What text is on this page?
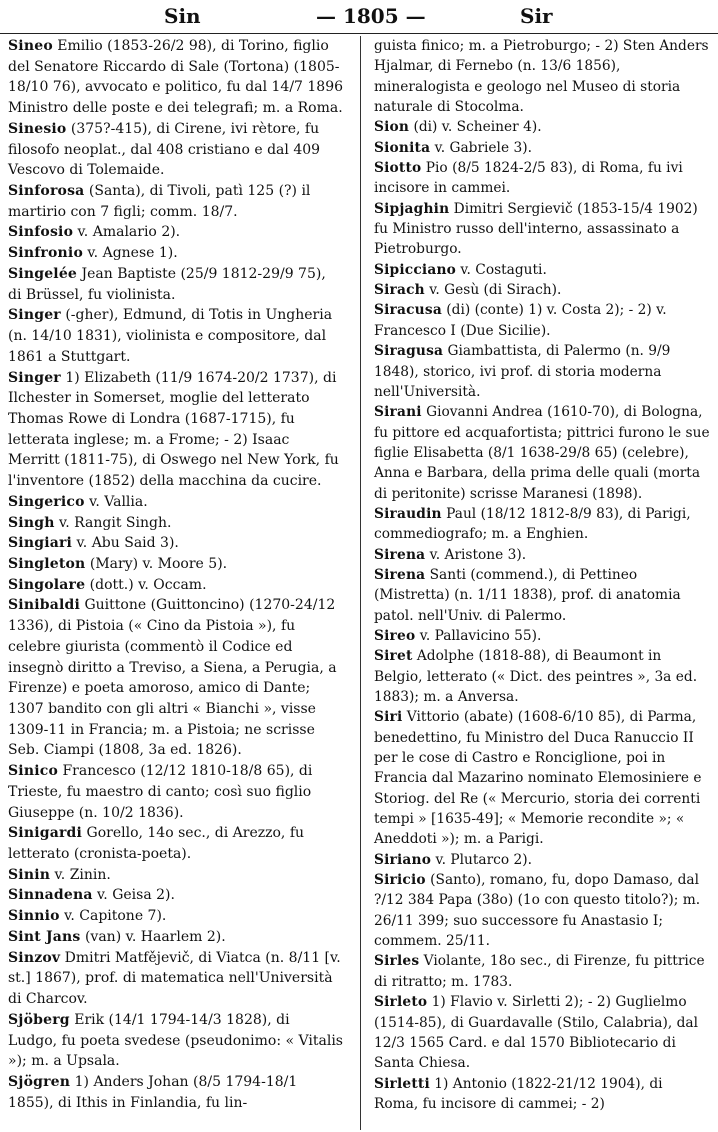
Sin	— 1805 —	Sir

Sineo Emilio (1853-26/2 98), di Torino, figlio del Senatore Riccardo di Sale (Tortona) (1805-18/10 76), avvocato e politico, fu dal 14/7 1896 Ministro delle poste e dei telegrafi; m. a Roma.

Sinesio (375?-415), di Cirene, ivi rètore, fu filosofo neoplat., dal 408 cristiano e dal 409 Vescovo di Tolemaide.

Sinforosa (Santa), di Tivoli, patì 125 (?) il martirio con 7 figli; comm. 18/7.

Sinfosio v. Amalario 2).

Sinfronio v. Agnese 1).

Singelée Jean Baptiste (25/9 1812-29/9 75), di Brüssel, fu violinista.

Singer (-gher), Edmund, di Totis in Ungheria (n. 14/10 1831), violinista e compositore, dal 1861 a Stuttgart.

Singer 1) Elizabeth (11/9 1674-20/2 1737), di Ilchester in Somerset, moglie del letterato Thomas Rowe di Londra (1687-1715), fu letterata inglese; m. a Frome; - 2) Isaac Merritt (1811-75), di Oswego nel New York, fu l'inventore (1852) della macchina da cucire.

Singerico v. Vallia.

Singh v. Rangit Singh.

Singiari v. Abu Said 3).

Singleton (Mary) v. Moore 5).

Singolare (dott.) v. Occam.

Sinibaldi Guittone (Guittoncino) (1270-24/12 1336), di Pistoia (« Cino da Pistoia »), fu celebre giurista (commentò il Codice ed insegnò diritto a Treviso, a Siena, a Perugia, a Firenze) e poeta amoroso, amico di Dante; 1307 bandito con gli altri « Bianchi », visse 1309-11 in Francia; m. a Pistoia; ne scrisse Seb. Ciampi (1808, 3a ed. 1826).

Sinico Francesco (12/12 1810-18/8 65), di Trieste, fu maestro di canto; così suo figlio Giuseppe (n. 10/2 1836).

Sinigardi Gorello, 14o sec., di Arezzo, fu letterato (cronista-poeta).

Sinin v. Zinin.

Sinnadena v. Geisa 2).

Sinnio v. Capitone 7).

Sint Jans (van) v. Haarlem 2).

Sinzov Dmitri Matfějevič, di Viatca (n. 8/11 [v. st.] 1867), prof. di matematica nell'Università di Charcov.

Sjöberg Erik (14/1 1794-14/3 1828), di Ludgo, fu poeta svedese (pseudonimo: « Vitalis »); m. a Upsala.

Sjögren 1) Anders Johan (8/5 1794-18/1 1855), di Ithis in Finlandia, fu lin-

guista finico; m. a Pietroburgo; - 2) Sten Anders Hjalmar, di Fernebo (n. 13/6 1856), mineralogista e geologo nel Museo di storia naturale di Stocolma.

Sion (di) v. Scheiner 4).

Sionita v. Gabriele 3).

Siotto Pio (8/5 1824-2/5 83), di Roma, fu ivi incisore in cammei.

Sipjaghin Dimitri Sergievič (1853-15/4 1902) fu Ministro russo dell'interno, assassinato a Pietroburgo.

Sipicciano v. Costaguti.

Sirach v. Gesù (di Sirach).

Siracusa (di) (conte) 1) v. Costa 2); - 2) v. Francesco I (Due Sicilie).

Siragusa Giambattista, di Palermo (n. 9/9 1848), storico, ivi prof. di storia moderna nell'Università.

Sirani Giovanni Andrea (1610-70), di Bologna, fu pittore ed acquafortista; pittrici furono le sue figlie Elisabetta (8/1 1638-29/8 65) (celebre), Anna e Barbara, della prima delle quali (morta di peritonite) scrisse Maranesi (1898).

Siraudin Paul (18/12 1812-8/9 83), di Parigi, commediografo; m. a Enghien.

Sirena v. Aristone 3).

Sirena Santi (commend.), di Pettineo (Mistretta) (n. 1/11 1838), prof. di anatomia patol. nell'Univ. di Palermo.

Sireo v. Pallavicino 55).

Siret Adolphe (1818-88), di Beaumont in Belgio, letterato (« Dict. des peintres », 3a ed. 1883); m. a Anversa.

Siri Vittorio (abate) (1608-6/10 85), di Parma, benedettino, fu Ministro del Duca Ranuccio II per le cose di Castro e Ronciglione, poi in Francia dal Mazarino nominato Elemosiniere e Storiog. del Re (« Mercurio, storia dei correnti tempi » [1635-49]; « Memorie recondite »; « Aneddoti »); m. a Parigi.

Siriano v. Plutarco 2).

Siricio (Santo), romano, fu, dopo Damaso, dal ?/12 384 Papa (38o) (1o con questo titolo?); m. 26/11 399; suo successore fu Anastasio I; commem. 25/11.

Sirles Violante, 18o sec., di Firenze, fu pittrice di ritratto; m. 1783.

Sirleto 1) Flavio v. Sirletti 2); - 2) Guglielmo (1514-85), di Guardavalle (Stilo, Calabria), dal 12/3 1565 Card. e dal 1570 Bibliotecario di Santa Chiesa.

Sirletti 1) Antonio (1822-21/12 1904), di Roma, fu incisore di cammei; - 2)
